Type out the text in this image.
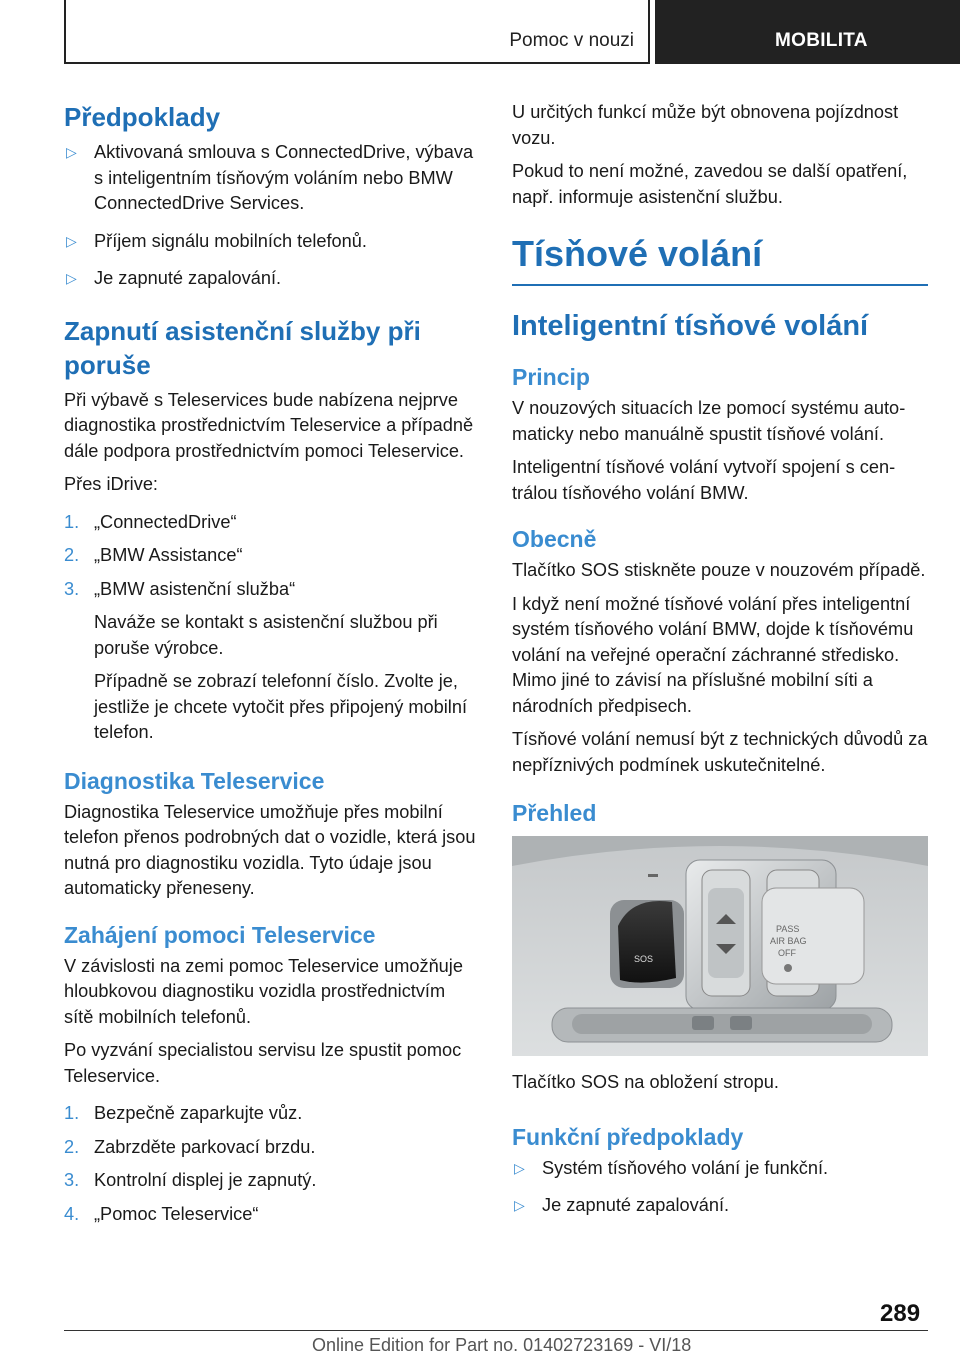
Pomoc v nouzi	MOBILITA
Předpoklady
▷ Aktivovaná smlouva s ConnectedDrive, výbava s inteligentním tísňovým voláním nebo BMW ConnectedDrive Services.
▷ Příjem signálu mobilních telefonů.
▷ Je zapnuté zapalování.
Zapnutí asistenční služby při poruše

Při výbavě s Teleservices bude nabízena nejprve diagnostika prostřednictvím Teleservice a případně dále podpora prostřednictvím pomoci Teleservice.

Přes iDrive:

1. „ConnectedDrive“
2. „BMW Assistance“
3. „BMW asistenční služba“
Naváže se kontakt s asistenční službou při poruše výrobce.
Případně se zobrazí telefonní číslo. Zvolte je, jestliže je chcete vytočit přes připojený mobilní telefon.
Diagnostika Teleservice

Diagnostika Teleservice umožňuje přes mobilní telefon přenos podrobných dat o vozidle, která jsou nutná pro diagnostiku vozidla. Tyto údaje jsou automaticky přeneseny.

Zahájení pomoci Teleservice

V závislosti na zemi pomoc Teleservice umožňuje hloubkovou diagnostiku vozidla prostřednictvím sítě mobilních telefonů.

Po vyzvání specialistou servisu lze spustit pomoc Teleservice.

1. Bezpečně zaparkujte vůz.
2. Zabrzděte parkovací brzdu.
3. Kontrolní displej je zapnutý.
4. „Pomoc Teleservice“

U určitých funkcí může být obnovena pojízdnost vozu.

Pokud to není možné, zavedou se další opatření, např. informuje asistenční službu.

Tísňové volání
Inteligentní tísňové volání
Princip

V nouzových situacích lze pomocí systému automaticky nebo manuálně spustit tísňové volání.

Inteligentní tísňové volání vytvoří spojení s centrálou tísňového volání BMW.

Obecně

Tlačítko SOS stiskněte pouze v nouzovém případě.

I když není možné tísňové volání přes inteligentní systém tísňového volání BMW, dojde k tísňovému volání na veřejné operační záchranné středisko. Mimo jiné to závisí na příslušné mobilní síti a národních předpisech.

Tísňové volání nemusí být z technických důvodů za nepříznivých podmínek uskutečnitelné.

Přehled
SOS
PASS
AIR BAG
OFF

Tlačítko SOS na obložení stropu.

Funkční předpoklady
▷ Systém tísňového volání je funkční.
▷ Je zapnuté zapalování.
289
Online Edition for Part no. 01402723169 - VI/18
